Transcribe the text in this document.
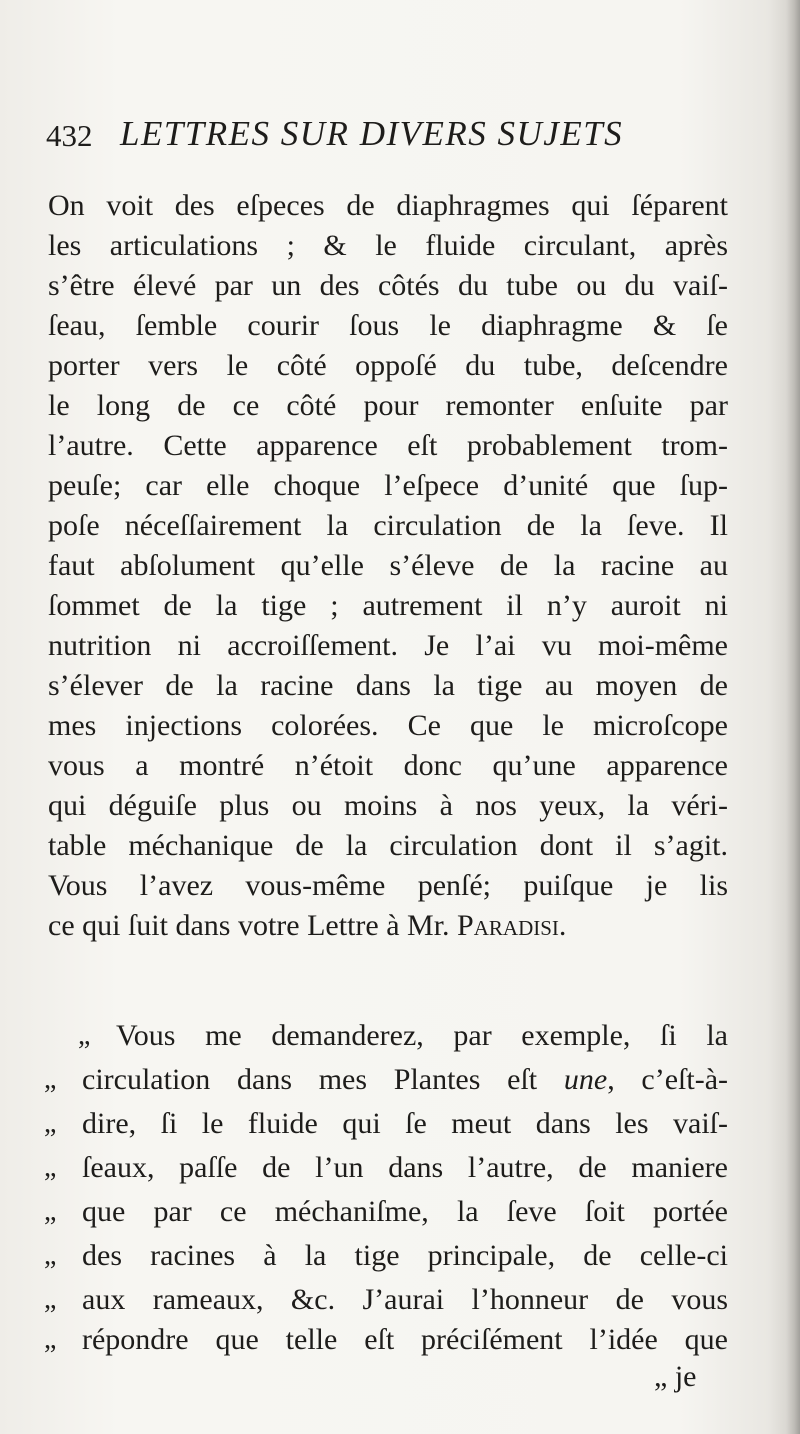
432 LETTRES SUR DIVERS SUJETS
On voit des eſpeces de diaphragmes qui ſéparent
les articulations ; & le fluide circulant, après
s’être élevé par un des côtés du tube ou du vaiſ-
ſeau, ſemble courir ſous le diaphragme & ſe
porter vers le côté oppoſé du tube, deſcendre
le long de ce côté pour remonter enſuite par
l’autre. Cette apparence eſt probablement trom-
peuſe; car elle choque l’eſpece d’unité que ſup-
poſe néceſſairement la circulation de la ſeve. Il
faut abſolument qu’elle s’éleve de la racine au
ſommet de la tige ; autrement il n’y auroit ni
nutrition ni accroiſſement. Je l’ai vu moi-même
s’élever de la racine dans la tige au moyen de
mes injections colorées. Ce que le microſcope
vous a montré n’étoit donc qu’une apparence
qui déguiſe plus ou moins à nos yeux, la véri-
table méchanique de la circulation dont il s’agit.
Vous l’avez vous-même penſé; puiſque je lis
ce qui ſuit dans votre Lettre à Mr. Paradisi.
„ Vous me demanderez, par exemple, ſi la
„ circulation dans mes Plantes eſt une, c’eſt-à-
„ dire, ſi le fluide qui ſe meut dans les vaiſ-
„ ſeaux, paſſe de l’un dans l’autre, de maniere
„ que par ce méchaniſme, la ſeve ſoit portée
„ des racines à la tige principale, de celle-ci
„ aux rameaux, &c. J’aurai l’honneur de vous
„ répondre que telle eſt préciſément l’idée que
„ je
